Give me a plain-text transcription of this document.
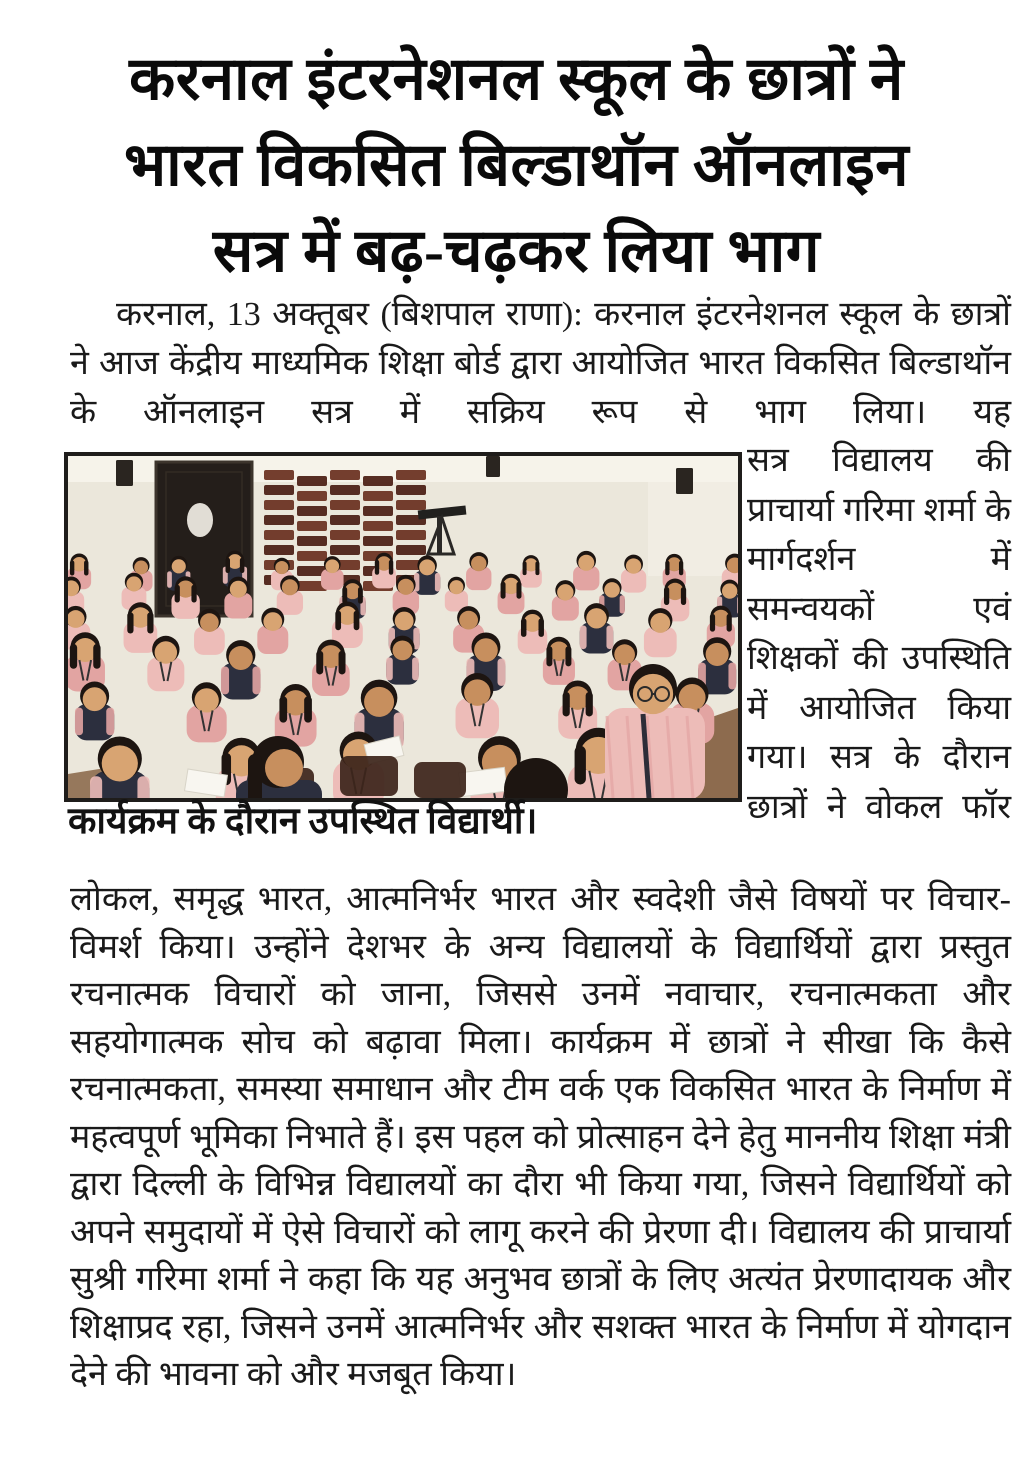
करनाल इंटरनेशनल स्कूल के छात्रों ने
भारत विकसित बिल्डाथॉन ऑनलाइन
सत्र में बढ़-चढ़कर लिया भाग
करनाल, 13 अक्तूबर (बिशपाल राणा): करनाल इंटरनेशनल स्कूल के छात्रों ने आज केंद्रीय माध्यमिक शिक्षा बोर्ड द्वारा आयोजित भारत विकसित बिल्डाथॉन के ऑनलाइन सत्र में सक्रिय रूप से भाग लिया। यह
सत्र विद्यालय की प्राचार्या गरिमा शर्मा के मार्गदर्शन में समन्वयकों एवं शिक्षकों की उपस्थिति में आयोजित किया गया। सत्र के दौरान छात्रों ने वोकल फॉर
कार्यक्रम के दौरान उपस्थित विद्यार्थी।
लोकल, समृद्ध भारत, आत्मनिर्भर भारत और स्वदेशी जैसे विषयों पर विचार-विमर्श किया। उन्होंने देशभर के अन्य विद्यालयों के विद्यार्थियों द्वारा प्रस्तुत रचनात्मक विचारों को जाना, जिससे उनमें नवाचार, रचनात्मकता और सहयोगात्मक सोच को बढ़ावा मिला। कार्यक्रम में छात्रों ने सीखा कि कैसे रचनात्मकता, समस्या समाधान और टीम वर्क एक विकसित भारत के निर्माण में महत्वपूर्ण भूमिका निभाते हैं। इस पहल को प्रोत्साहन देने हेतु माननीय शिक्षा मंत्री द्वारा दिल्ली के विभिन्न विद्यालयों का दौरा भी किया गया, जिसने विद्यार्थियों को अपने समुदायों में ऐसे विचारों को लागू करने की प्रेरणा दी। विद्यालय की प्राचार्या सुश्री गरिमा शर्मा ने कहा कि यह अनुभव छात्रों के लिए अत्यंत प्रेरणादायक और शिक्षाप्रद रहा, जिसने उनमें आत्मनिर्भर और सशक्त भारत के निर्माण में योगदान देने की भावना को और मजबूत किया।
